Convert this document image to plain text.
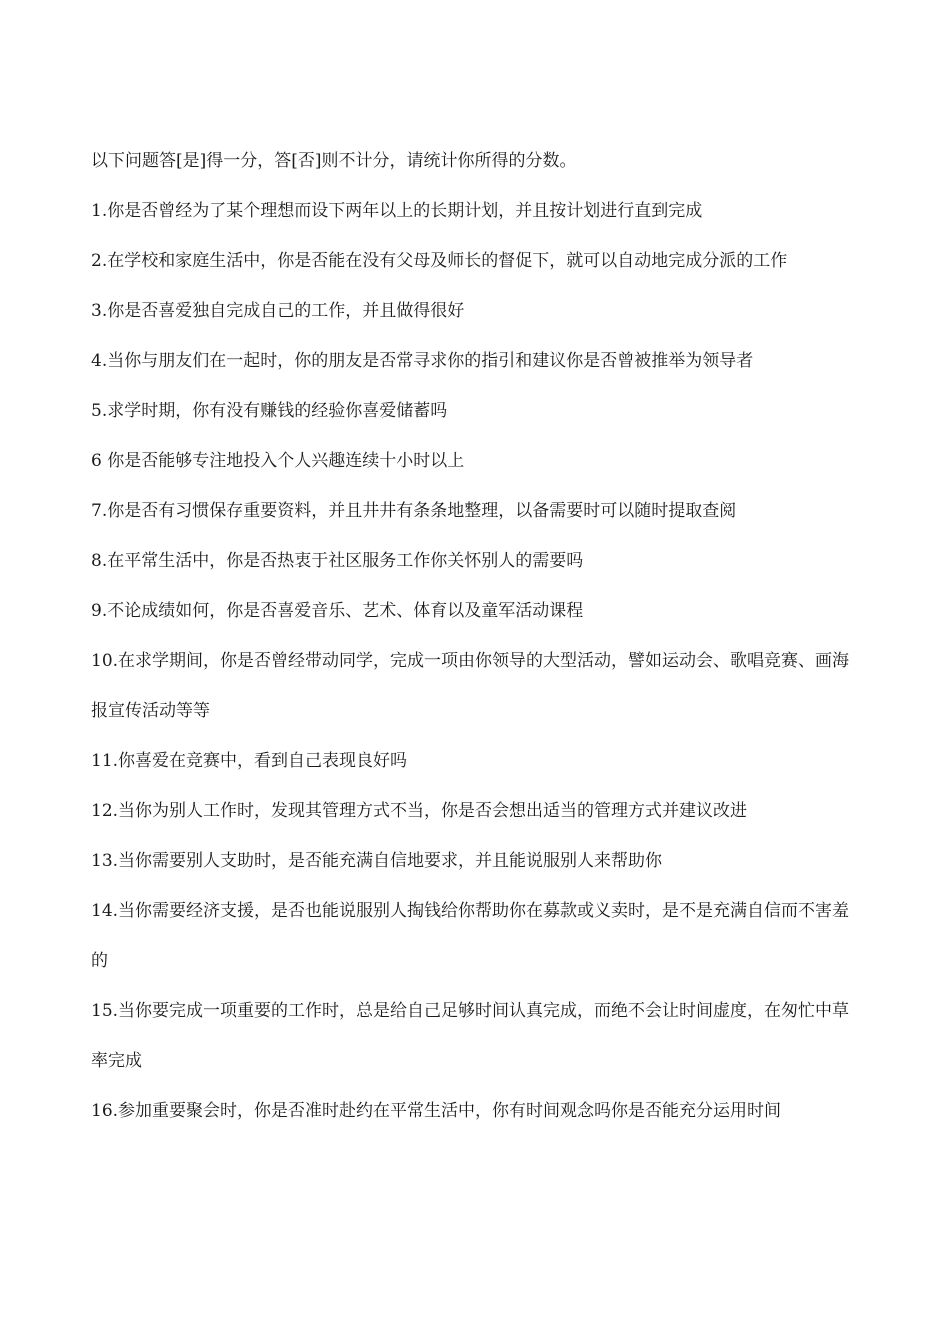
以下问题答[是]得一分，答[否]则不计分，请统计你所得的分数。

1.你是否曾经为了某个理想而设下两年以上的长期计划，并且按计划进行直到完成

2.在学校和家庭生活中，你是否能在没有父母及师长的督促下，就可以自动地完成分派的工作

3.你是否喜爱独自完成自己的工作，并且做得很好

4.当你与朋友们在一起时，你的朋友是否常寻求你的指引和建议你是否曾被推举为领导者

5.求学时期，你有没有赚钱的经验你喜爱储蓄吗

6 你是否能够专注地投入个人兴趣连续十小时以上

7.你是否有习惯保存重要资料，并且井井有条条地整理，以备需要时可以随时提取查阅

8.在平常生活中，你是否热衷于社区服务工作你关怀别人的需要吗

9.不论成绩如何，你是否喜爱音乐、艺术、体育以及童军活动课程

10.在求学期间，你是否曾经带动同学，完成一项由你领导的大型活动，譬如运动会、歌唱竞赛、画海报宣传活动等等

11.你喜爱在竞赛中，看到自己表现良好吗

12.当你为别人工作时，发现其管理方式不当，你是否会想出适当的管理方式并建议改进

13.当你需要别人支助时，是否能充满自信地要求，并且能说服别人来帮助你

14.当你需要经济支援，是否也能说服别人掏钱给你帮助你在募款或义卖时，是不是充满自信而不害羞的

15.当你要完成一项重要的工作时，总是给自己足够时间认真完成，而绝不会让时间虚度，在匆忙中草率完成

16.参加重要聚会时，你是否准时赴约在平常生活中，你有时间观念吗你是否能充分运用时间
